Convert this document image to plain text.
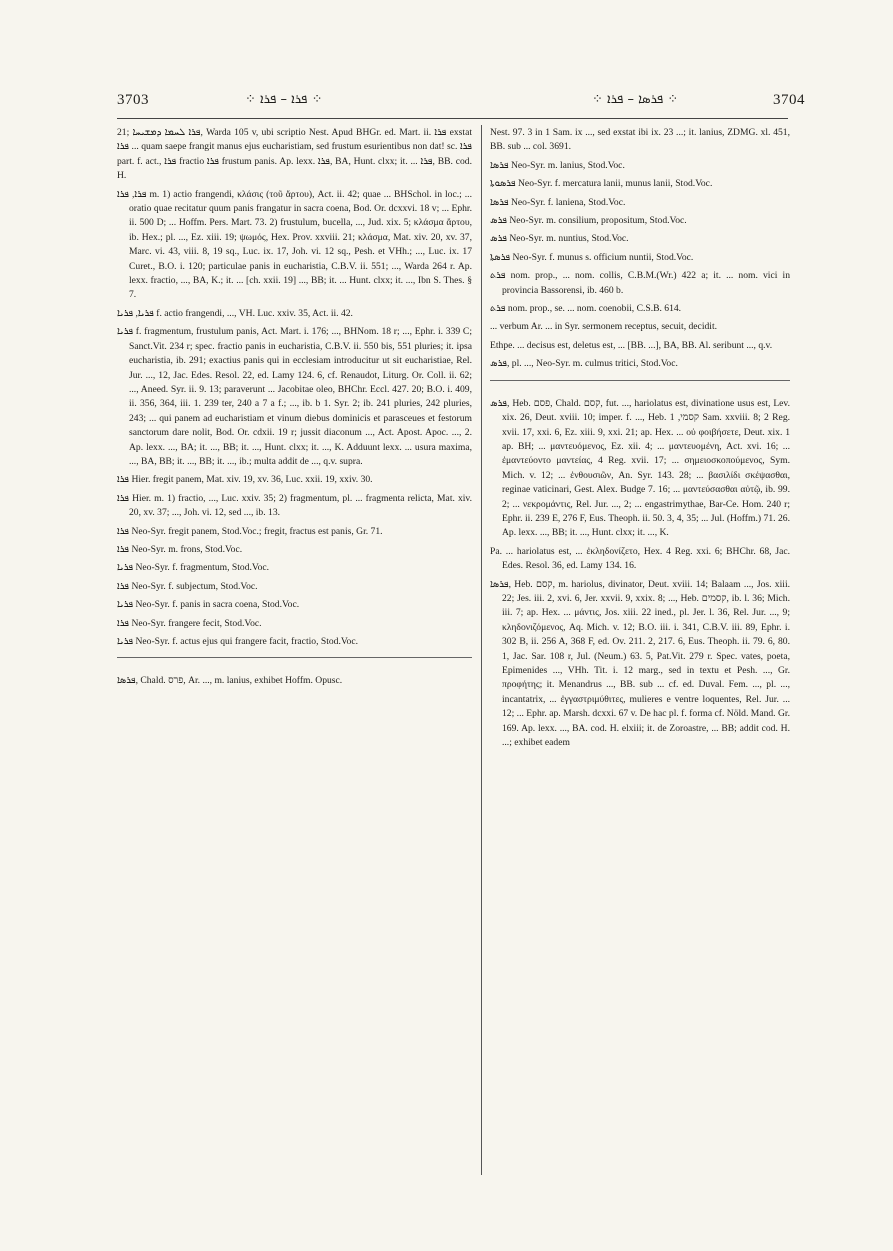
3703	⁘ ܦܪܐ – ܦܪܐ ⁘	⁘ ܦܪܣܐ – ܦܪܐ ⁘	3704

21; ܦܪܐ ܠܚܡܐ ܕܡܫܝܚܐ, Warda 105 v, ubi scriptio Nest. Apud BHGr. ed. Mart. ii. ܦܪܐ exstat ܦܪܐ ... quam saepe frangit manus ejus eucharistiam, sed frustum esurientibus non dat! sc. ܦܪܐ part. f. act., ܦܪܐ fractio ܦܪܐ frustum panis. Ap. lexx. ܦܪܐ, BA, Hunt. clxx; it. ... ܦܪܐ, BB. cod. H.

ܦܪܐ, ܦܪܐ m. 1) actio frangendi, κλάσις (τοῦ ἄρτου), Act. ii. 42; quae ... BHSchol. in loc.; ... oratio quae recitatur quum panis frangatur in sacra coena, Bod. Or. dcxxvi. 18 v; ... Ephr. ii. 500 D; ... Hoffm. Pers. Mart. 73. 2) frustulum, bucella, ..., Jud. xix. 5; κλάσμα ἄρτου, ib. Hex.; pl. ..., Ez. xiii. 19; ψωμός, Hex. Prov. xxviii. 21; κλάσμα, Mat. xiv. 20, xv. 37, Marc. vi. 43, viii. 8, 19 sq., Luc. ix. 17, Joh. vi. 12 sq., Pesh. et VHh.; ..., Luc. ix. 17 Curet., B.O. i. 120; particulae panis in eucharistia, C.B.V. ii. 551; ..., Warda 264 r. Ap. lexx. fractio, ..., BA, K.; it. ... [ch. xxii. 19] ..., BB; it. ... Hunt. clxx; it. ..., Ibn S. Thes. § 7.

ܦܪܝܐ, ܦܪܝܐ f. actio frangendi, ..., VH. Luc. xxiv. 35, Act. ii. 42.

ܦܪܝܐ f. fragmentum, frustulum panis, Act. Mart. i. 176; ..., BHNom. 18 r; ..., Ephr. i. 339 C; Sanct.Vit. 234 r; spec. fractio panis in eucharistia, C.B.V. ii. 550 bis, 551 pluries; it. ipsa eucharistia, ib. 291; exactius panis qui in ecclesiam introducitur ut sit eucharistiae, Rel. Jur. ..., 12, Jac. Edes. Resol. 22, ed. Lamy 124. 6, cf. Renaudot, Liturg. Or. Coll. ii. 62; ..., Aneed. Syr. ii. 9. 13; paraverunt ... Jacobitae oleo, BHChr. Eccl. 427. 20; B.O. i. 409, ii. 356, 364, iii. 1. 239 ter, 240 a 7 a f.; ..., ib. b 1. Syr. 2; ib. 241 pluries, 242 pluries, 243; ... qui panem ad eucharistiam et vinum diebus dominicis et parasceues et festorum sanctorum dare nolit, Bod. Or. cdxii. 19 r; jussit diaconum ..., Act. Apost. Apoc. ..., 2. Ap. lexx. ..., BA; it. ..., BB; it. ..., Hunt. clxx; it. ..., K. Adduunt lexx. ... usura maxima, ..., BA, BB; it. ..., BB; it. ..., ib.; multa addit de ..., q.v. supra.

ܦܪܐ Hier. fregit panem, Mat. xiv. 19, xv. 36, Luc. xxii. 19, xxiv. 30.

ܦܪܐ Hier. m. 1) fractio, ..., Luc. xxiv. 35; 2) fragmentum, pl. ... fragmenta relicta, Mat. xiv. 20, xv. 37; ..., Joh. vi. 12, sed ..., ib. 13.

ܦܪܐ Neo-Syr. fregit panem, Stod.Voc.; fregit, fractus est panis, Gr. 71.

ܦܪܐ Neo-Syr. m. frons, Stod.Voc.

ܦܪܝܐ Neo-Syr. f. fragmentum, Stod.Voc.

ܦܪܐ Neo-Syr. f. subjectum, Stod.Voc.

ܦܪܝܐ Neo-Syr. f. panis in sacra coena, Stod.Voc.

ܦܪܐ Neo-Syr. frangere fecit, Stod.Voc.

ܦܪܝܐ Neo-Syr. f. actus ejus qui frangere facit, fractio, Stod.Voc.

ܦܪܣܐ, Chald. פרס, Ar. ..., m. lanius, exhibet Hoffm. Opusc.

Nest. 97. 3 in 1 Sam. ix ..., sed exstat ibi ix. 23 ...; it. lanius, ZDMG. xl. 451, BB. sub ... col. 3691.

ܦܪܣܐ Neo-Syr. m. lanius, Stod.Voc.

ܦܪܣܘܬܐ Neo-Syr. f. mercatura lanii, munus lanii, Stod.Voc.

ܦܪܣܐ Neo-Syr. f. laniena, Stod.Voc.

ܦܪܣ Neo-Syr. m. consilium, propositum, Stod.Voc.

ܦܪܣ Neo-Syr. m. nuntius, Stod.Voc.

ܦܪܣܬܐ Neo-Syr. f. munus s. officium nuntii, Stod.Voc.

ܦܪܬ nom. prop., ... nom. collis, C.B.M.(Wr.) 422 a; it. ... nom. vici in provincia Bassorensi, ib. 460 b.

ܦܪܬ nom. prop., se. ... nom. coenobii, C.S.B. 614.

... verbum Ar. ... in Syr. sermonem receptus, secuit, decidit.

Ethpe. ... decisus est, deletus est, ... [BB. ...], BA, BB. Al. seribunt ..., q.v.

ܦܪܣ, pl. ..., Neo-Syr. m. culmus tritici, Stod.Voc.

ܦܪܣ, Heb. פסם, Chald. קסם, fut. ..., hariolatus est, divinatione usus est, Lev. xix. 26, Deut. xviii. 10; imper. f. ..., Heb. קסמי, 1 Sam. xxviii. 8; 2 Reg. xvii. 17, xxi. 6, Ez. xiii. 9, xxi. 21; ap. Hex. ... οὐ φοιβήσετε, Deut. xix. 1 ap. BH; ... μαντευόμενος, Ez. xii. 4; ... μαντευομένη, Act. xvi. 16; ... ἐμαντεύοντο μαντείας, 4 Reg. xvii. 17; ... σημειοσκοπούμενος, Sym. Mich. v. 12; ... ἐνθουσιῶν, An. Syr. 143. 28; ... βασιλίδι σκέψασθαι, reginae vaticinari, Gest. Alex. Budge 7. 16; ... μαντεύσασθαι αὐτῷ, ib. 99. 2; ... νεκρομάντις, Rel. Jur. ..., 2; ... engastrimythae, Bar-Ce. Hom. 240 r; Ephr. ii. 239 E, 276 F, Eus. Theoph. ii. 50. 3, 4, 35; ... Jul. (Hoffm.) 71. 26. Ap. lexx. ..., BB; it. ..., Hunt. clxx; it. ..., K.

Pa. ... hariolatus est, ... ἐκληδονίζετο, Hex. 4 Reg. xxi. 6; BHChr. 68, Jac. Edes. Resol. 36, ed. Lamy 134. 16.

ܦܪܣܐ, Heb. קסם, m. hariolus, divinator, Deut. xviii. 14; Balaam ..., Jos. xiii. 22; Jes. iii. 2, xvi. 6, Jer. xxvii. 9, xxix. 8; ..., Heb. קסמים, ib. l. 36; Mich. iii. 7; ap. Hex. ... μάντις, Jos. xiii. 22 ined., pl. Jer. l. 36, Rel. Jur. ..., 9; κληδονιζόμενος, Aq. Mich. v. 12; B.O. iii. i. 341, C.B.V. iii. 89, Ephr. i. 302 B, ii. 256 A, 368 F, ed. Ov. 211. 2, 217. 6, Eus. Theoph. ii. 79. 6, 80. 1, Jac. Sar. 108 r, Jul. (Neum.) 63. 5, Pat.Vit. 279 r. Spec. vates, poeta, Epimenides ..., VHh. Tit. i. 12 marg., sed in textu et Pesh. ..., Gr. προφήτης; it. Menandrus ..., BB. sub ... cf. ed. Duval. Fem. ..., pl. ..., incantatrix, ... ἐγγαστριμύθιτες, mulieres e ventre loquentes, Rel. Jur. ... 12; ... Ephr. ap. Marsh. dcxxi. 67 v. De hac pl. f. forma cf. Nöld. Mand. Gr. 169. Ap. lexx. ..., BA. cod. H. elxiii; it. de Zoroastre, ... BB; addit cod. H. ...; exhibet eadem
